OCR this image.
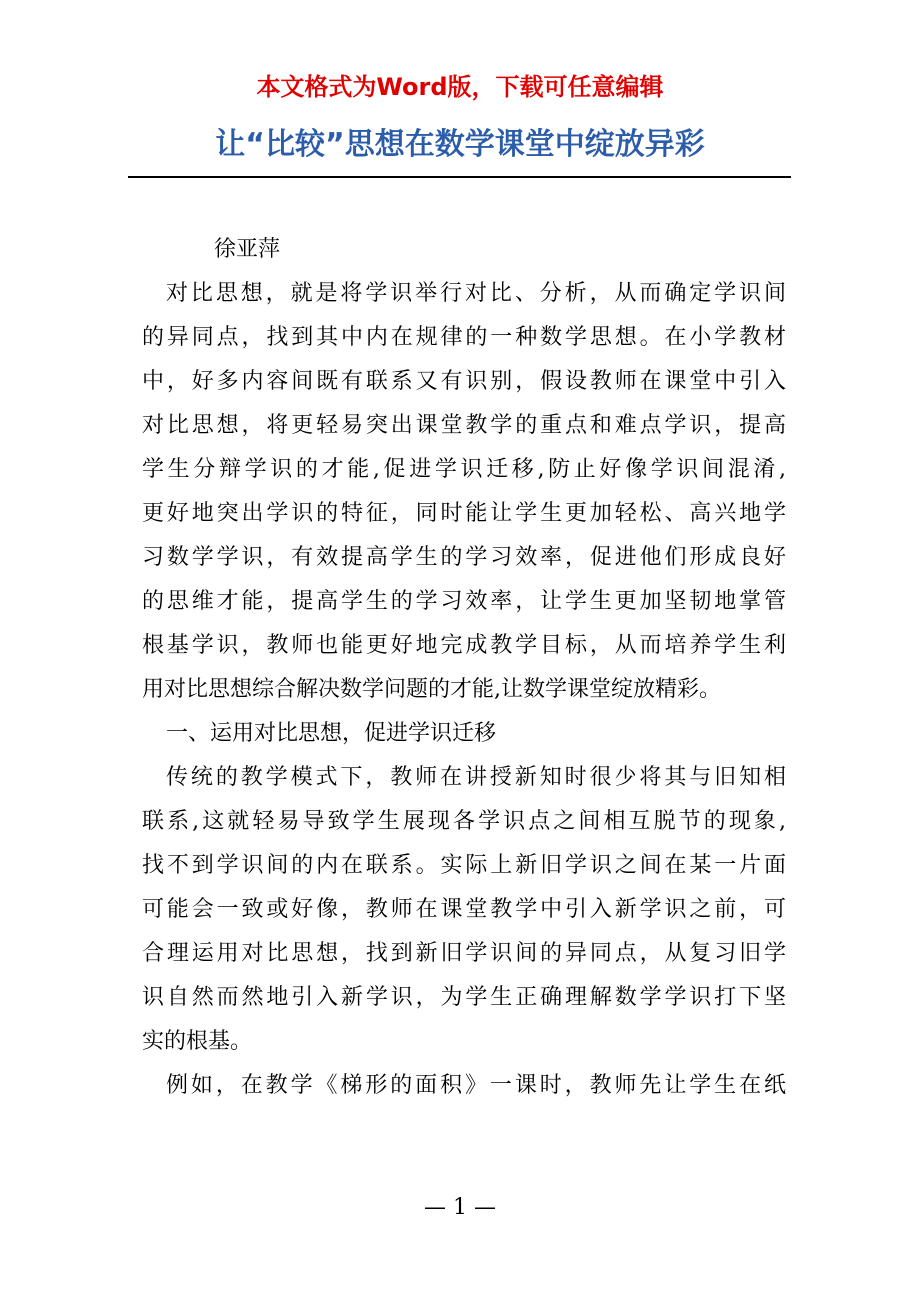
本文格式为Word版，下载可任意编辑
让“比较”思想在数学课堂中绽放异彩
徐亚萍
对比思想，就是将学识举行对比、分析，从而确定学识间
的异同点，找到其中内在规律的一种数学思想。在小学教材
中，好多内容间既有联系又有识别，假设教师在课堂中引入
对比思想，将更轻易突出课堂教学的重点和难点学识，提高
学生分辩学识的才能,促进学识迁移,防止好像学识间混淆,
更好地突出学识的特征，同时能让学生更加轻松、高兴地学
习数学学识，有效提高学生的学习效率，促进他们形成良好
的思维才能，提高学生的学习效率，让学生更加坚韧地掌管
根基学识，教师也能更好地完成教学目标，从而培养学生利
用对比思想综合解决数学问题的才能,让数学课堂绽放精彩。
一、运用对比思想，促进学识迁移
传统的教学模式下，教师在讲授新知时很少将其与旧知相
联系,这就轻易导致学生展现各学识点之间相互脱节的现象,
找不到学识间的内在联系。实际上新旧学识之间在某一片面
可能会一致或好像，教师在课堂教学中引入新学识之前，可
合理运用对比思想，找到新旧学识间的异同点，从复习旧学
识自然而然地引入新学识，为学生正确理解数学学识打下坚
实的根基。
例如，在教学《梯形的面积》一课时，教师先让学生在纸
— 1 —
